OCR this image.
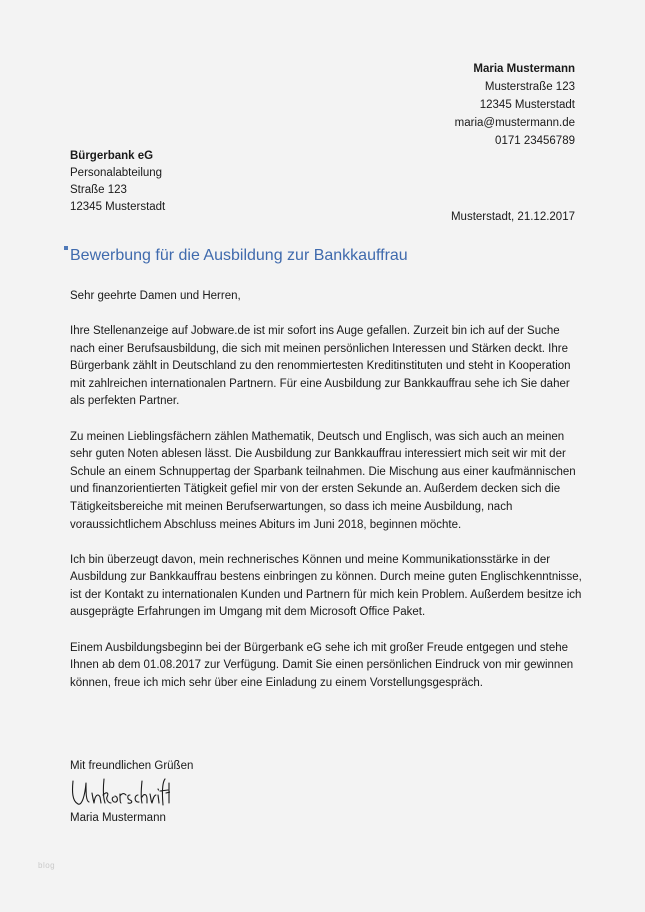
Maria Mustermann
Musterstraße 123
12345 Musterstadt
maria@mustermann.de
0171 23456789
Bürgerbank eG
Personalabteilung
Straße 123
12345 Musterstadt
Musterstadt, 21.12.2017
Bewerbung für die Ausbildung zur Bankkauffrau

Sehr geehrte Damen und Herren,

Ihre Stellenanzeige auf Jobware.de ist mir sofort ins Auge gefallen. Zurzeit bin ich auf der Suche nach einer Berufsausbildung, die sich mit meinen persönlichen Interessen und Stärken deckt. Ihre Bürgerbank zählt in Deutschland zu den renommiertesten Kreditinstituten und steht in Kooperation mit zahlreichen internationalen Partnern. Für eine Ausbildung zur Bankkauffrau sehe ich Sie daher als perfekten Partner.

Zu meinen Lieblingsfächern zählen Mathematik, Deutsch und Englisch, was sich auch an meinen sehr guten Noten ablesen lässt. Die Ausbildung zur Bankkauffrau interessiert mich seit wir mit der Schule an einem Schnuppertag der Sparbank teilnahmen. Die Mischung aus einer kaufmännischen und finanzorientierten Tätigkeit gefiel mir von der ersten Sekunde an. Außerdem decken sich die Tätigkeitsbereiche mit meinen Berufserwartungen, so dass ich meine Ausbildung, nach voraussichtlichem Abschluss meines Abiturs im Juni 2018, beginnen möchte.

Ich bin überzeugt davon, mein rechnerisches Können und meine Kommunikationsstärke in der Ausbildung zur Bankkauffrau bestens einbringen zu können. Durch meine guten Englischkenntnisse, ist der Kontakt zu internationalen Kunden und Partnern für mich kein Problem. Außerdem besitze ich ausgeprägte Erfahrungen im Umgang mit dem Microsoft Office Paket.

Einem Ausbildungsbeginn bei der Bürgerbank eG sehe ich mit großer Freude entgegen und stehe Ihnen ab dem 01.08.2017 zur Verfügung. Damit Sie einen persönlichen Eindruck von mir gewinnen können, freue ich mich sehr über eine Einladung zu einem Vorstellungsgespräch.

Mit freundlichen Grüßen
Maria Mustermann
blog
